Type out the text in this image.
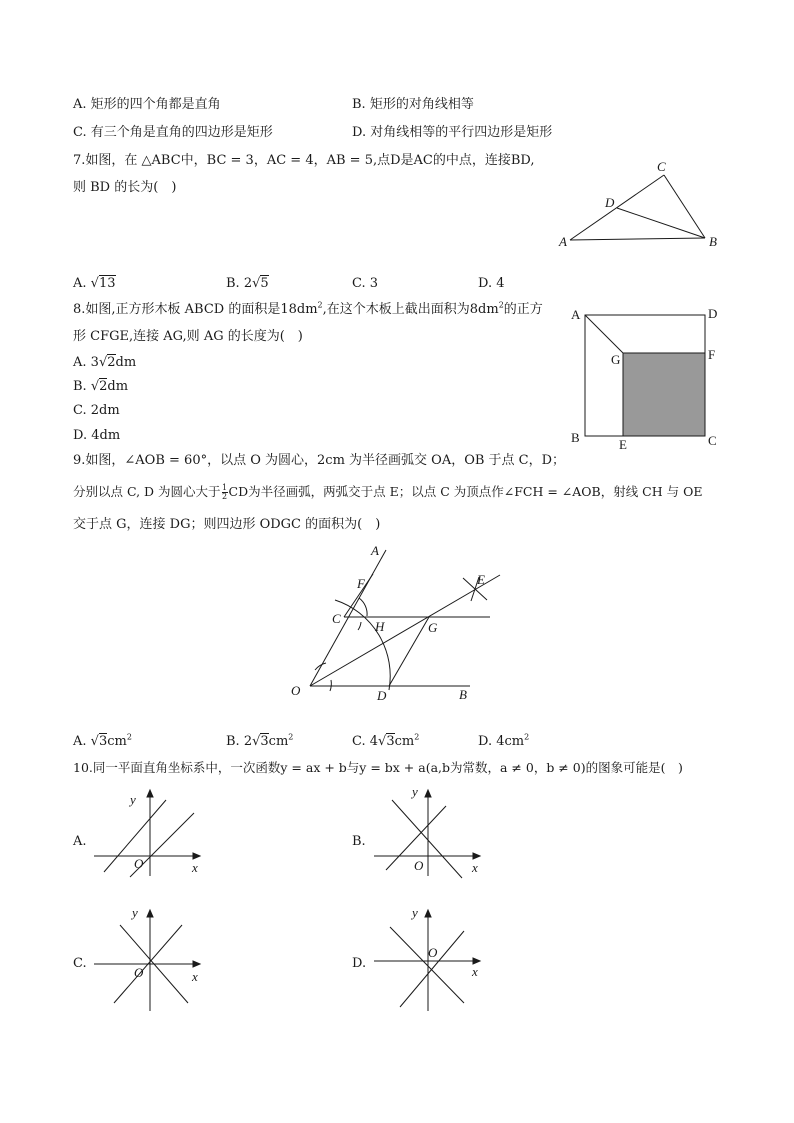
A. 矩形的四个角都是直角	B. 矩形的对角线相等
C. 有三个角是直角的四边形是矩形	D. 对角线相等的平行四边形是矩形
7.如图，在 △ABC中，BC = 3，AC = 4，AB = 5,点D是AC的中点，连接BD,
则 BD 的长为(　)
A	B
C
D
A. √13	B. 2√5	C. 3	D. 4
8.如图,正方形木板 ABCD 的面积是$18dm^2$,在这个木板上截出面积为$8dm^2$的正方
形 CFGE,连接 AG,则 AG 的长度为(　)
A. 3√2dm
B. √2dm
C. 2dm
D. 4dm
A
B	C
D
E
F
G
9.如图，∠AOB = 60°，以点 O 为圆心，2cm 为半径画弧交 OA，OB 于点 C，D；
分别以点 C, D 为圆心大于 $\frac{1}{2}$ CD为半径画弧，两弧交于点 E；以点 C 为顶点作∠FCH = ∠AOB，射线 CH 与 OE
交于点 G，连接 DG；则四边形 ODGC 的面积为(　)
A
B
C
D
E
F
G
H
O
A. $√3cm^2$	B. $2√3cm^2$	C. $4√3cm^2$	D. $4cm^2$
10.同一平面直角坐标系中，一次函数y = ax + b与y = bx + a(a,b为常数，a ≠ 0，b ≠ 0)的图象可能是(　)
A.	B.
C.	D.
y
x
O
y
x
O
y
x
O
y
x
O
